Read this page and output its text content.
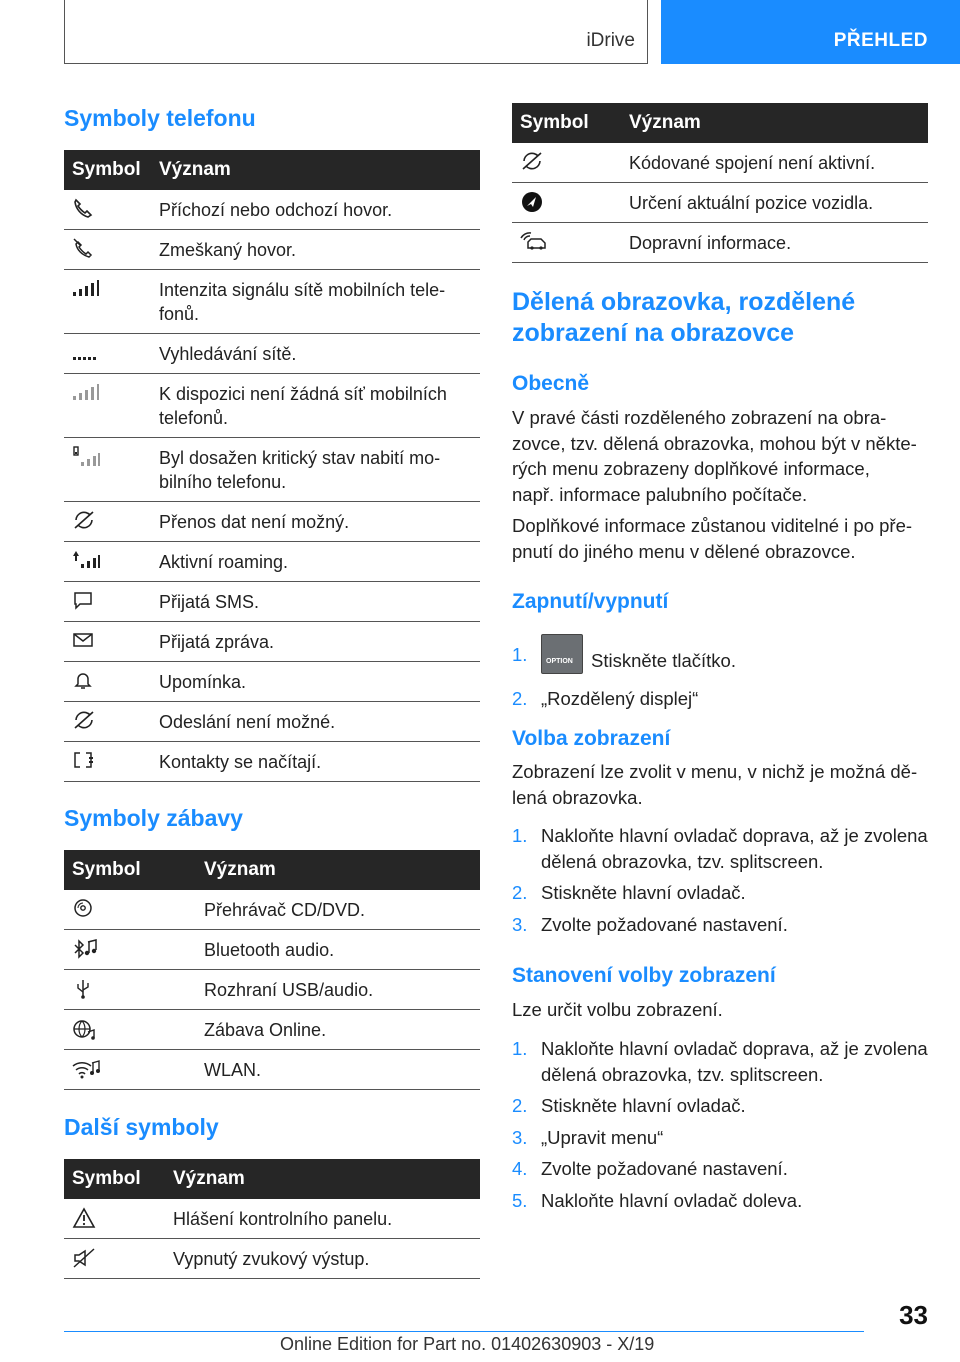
iDrive	PŘEHLED
Symboly telefonu
Symbol	Význam

	Příchozí nebo odchozí hovor.

	Zmeškaný hovor.

	Intenzita signálu sítě mobilních tele-fonů.

	Vyhledávání sítě.

	K dispozici není žádná síť mobilních telefonů.

	Byl dosažen kritický stav nabití mo-bilního telefonu.

	Přenos dat není možný.

	Aktivní roaming.

	Přijatá SMS.

	Přijatá zpráva.

	Upomínka.

	Odeslání není možné.

	Kontakty se načítají.
Symboly zábavy
Symbol	Význam

	Přehrávač CD/DVD.

	Bluetooth audio.

	Rozhraní USB/audio.

	Zábava Online.

	WLAN.
Další symboly
Symbol	Význam

	Hlášení kontrolního panelu.

	Vypnutý zvukový výstup.
Symbol	Význam

	Kódované spojení není aktivní.

	Určení aktuální pozice vozidla.

	Dopravní informace.
Dělená obrazovka, rozdělené
zobrazení na obrazovce
Obecně

V pravé části rozděleného zobrazení na obra-
zovce, tzv. dělená obrazovka, mohou být v někte-
rých menu zobrazeny doplňkové informace,
např. informace palubního počítače.

Doplňkové informace zůstanou viditelné i po pře-
pnutí do jiného menu v dělené obrazovce.

Zapnutí/vypnutí
1.	OPTION Stiskněte tlačítko.
2. „Rozdělený displej“
Volba zobrazení

Zobrazení lze zvolit v menu, v nichž je možná dě-
lená obrazovka.

1. Nakloňte hlavní ovladač doprava, až je zvolena dělená obrazovka, tzv. splitscreen.
2. Stiskněte hlavní ovladač.
3. Zvolte požadované nastavení.
Stanovení volby zobrazení

Lze určit volbu zobrazení.

1. Nakloňte hlavní ovladač doprava, až je zvolena dělená obrazovka, tzv. splitscreen.
2. Stiskněte hlavní ovladač.
3. „Upravit menu“
4. Zvolte požadované nastavení.
5. Nakloňte hlavní ovladač doleva.
33
Online Edition for Part no. 01402630903 - X/19
